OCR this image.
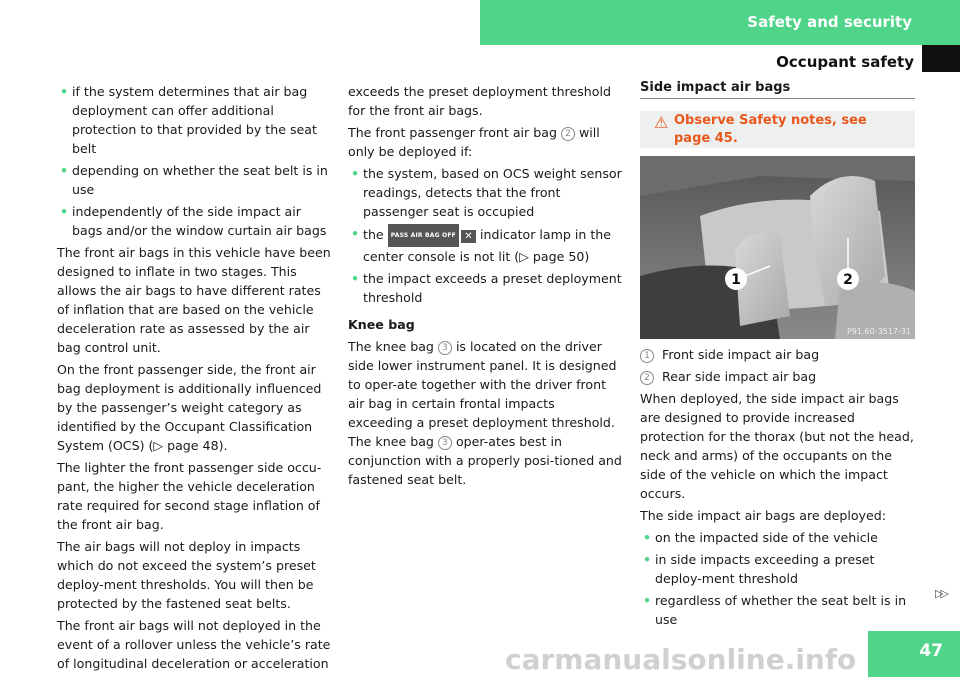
Safety and security
Occupant safety
• if the system determines that air bag deployment can offer additional protection to that provided by the seat belt
• depending on whether the seat belt is in use
• independently of the side impact air bags and/or the window curtain air bags

The front air bags in this vehicle have been designed to inflate in two stages. This allows the air bags to have different rates of inflation that are based on the vehicle deceleration rate as assessed by the air bag control unit.

On the front passenger side, the front air bag deployment is additionally influenced by the passenger’s weight category as identified by the Occupant Classification System (OCS) (▷ page 48).

The lighter the front passenger side occu-pant, the higher the vehicle deceleration rate required for second stage inflation of the front air bag.

The air bags will not deploy in impacts which do not exceed the system’s preset deploy-ment thresholds. You will then be protected by the fastened seat belts.

The front air bags will not deployed in the event of a rollover unless the vehicle’s rate of longitudinal deceleration or acceleration

exceeds the preset deployment threshold for the front air bags.

The front passenger front air bag 2 will only be deployed if:

• the system, based on OCS weight sensor readings, detects that the front passenger seat is occupied
• the PASS AIR BAG OFF ✕ indicator lamp in the center console is not lit (▷ page 50)
• the impact exceeds a preset deployment threshold

Knee bag

The knee bag 3 is located on the driver side lower instrument panel. It is designed to oper-ate together with the driver front air bag in certain frontal impacts exceeding a preset deployment threshold. The knee bag 3 oper-ates best in conjunction with a properly posi-tioned and fastened seat belt.

Side impact air bags
⚠ Observe Safety notes, see page 45.
1	2
P91.60-3517-31

1 Front side impact air bag

2 Rear side impact air bag

When deployed, the side impact air bags are designed to provide increased protection for the thorax (but not the head, neck and arms) of the occupants on the side of the vehicle on which the impact occurs.

The side impact air bags are deployed:

• on the impacted side of the vehicle
• in side impacts exceeding a preset deploy-ment threshold
• regardless of whether the seat belt is in use
▷▷
47
carmanualsonline.info
